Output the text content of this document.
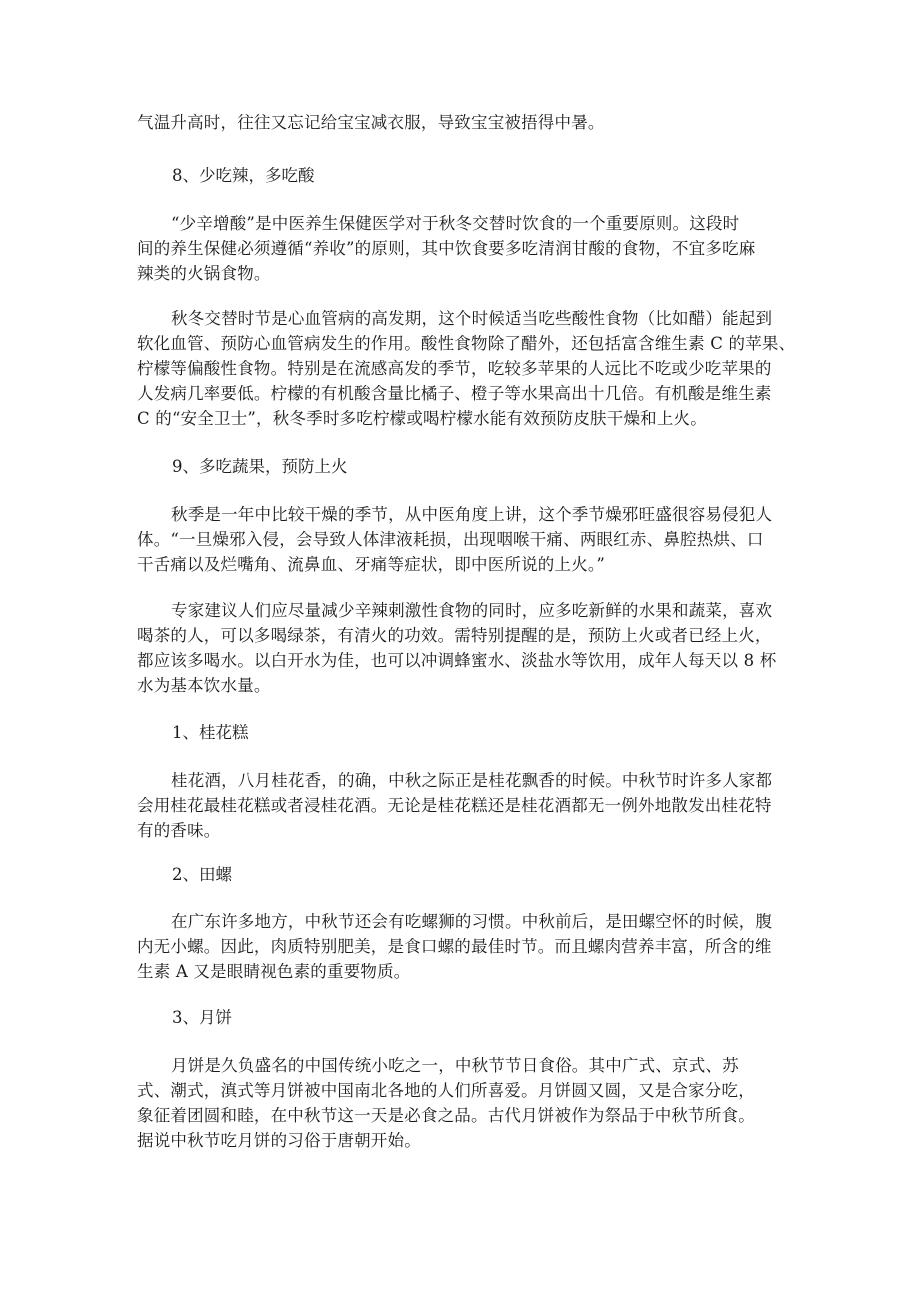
气温升高时，往往又忘记给宝宝减衣服，导致宝宝被捂得中暑。

8、少吃辣，多吃酸

“少辛增酸”是中医养生保健医学对于秋冬交替时饮食的一个重要原则。这段时
间的养生保健必须遵循“养收”的原则，其中饮食要多吃清润甘酸的食物，不宜多吃麻
辣类的火锅食物。

秋冬交替时节是心血管病的高发期，这个时候适当吃些酸性食物（比如醋）能起到
软化血管、预防心血管病发生的作用。酸性食物除了醋外，还包括富含维生素 C 的苹果、
柠檬等偏酸性食物。特别是在流感高发的季节，吃较多苹果的人远比不吃或少吃苹果的
人发病几率要低。柠檬的有机酸含量比橘子、橙子等水果高出十几倍。有机酸是维生素
C 的“安全卫士”，秋冬季时多吃柠檬或喝柠檬水能有效预防皮肤干燥和上火。

9、多吃蔬果，预防上火

秋季是一年中比较干燥的季节，从中医角度上讲，这个季节燥邪旺盛很容易侵犯人
体。“一旦燥邪入侵，会导致人体津液耗损，出现咽喉干痛、两眼红赤、鼻腔热烘、口
干舌痛以及烂嘴角、流鼻血、牙痛等症状，即中医所说的上火。”

专家建议人们应尽量减少辛辣刺激性食物的同时，应多吃新鲜的水果和蔬菜，喜欢
喝茶的人，可以多喝绿茶，有清火的功效。需特别提醒的是，预防上火或者已经上火，
都应该多喝水。以白开水为佳，也可以冲调蜂蜜水、淡盐水等饮用，成年人每天以 8 杯
水为基本饮水量。

1、桂花糕

桂花酒，八月桂花香，的确，中秋之际正是桂花飘香的时候。中秋节时许多人家都
会用桂花最桂花糕或者浸桂花酒。无论是桂花糕还是桂花酒都无一例外地散发出桂花特
有的香味。

2、田螺

在广东许多地方，中秋节还会有吃螺狮的习惯。中秋前后，是田螺空怀的时候，腹
内无小螺。因此，肉质特别肥美，是食口螺的最佳时节。而且螺肉营养丰富，所含的维
生素 A 又是眼睛视色素的重要物质。

3、月饼

月饼是久负盛名的中国传统小吃之一，中秋节节日食俗。其中广式、京式、苏
式、潮式，滇式等月饼被中国南北各地的人们所喜爱。月饼圆又圆，又是合家分吃，
象征着团圆和睦，在中秋节这一天是必食之品。古代月饼被作为祭品于中秋节所食。
据说中秋节吃月饼的习俗于唐朝开始。
